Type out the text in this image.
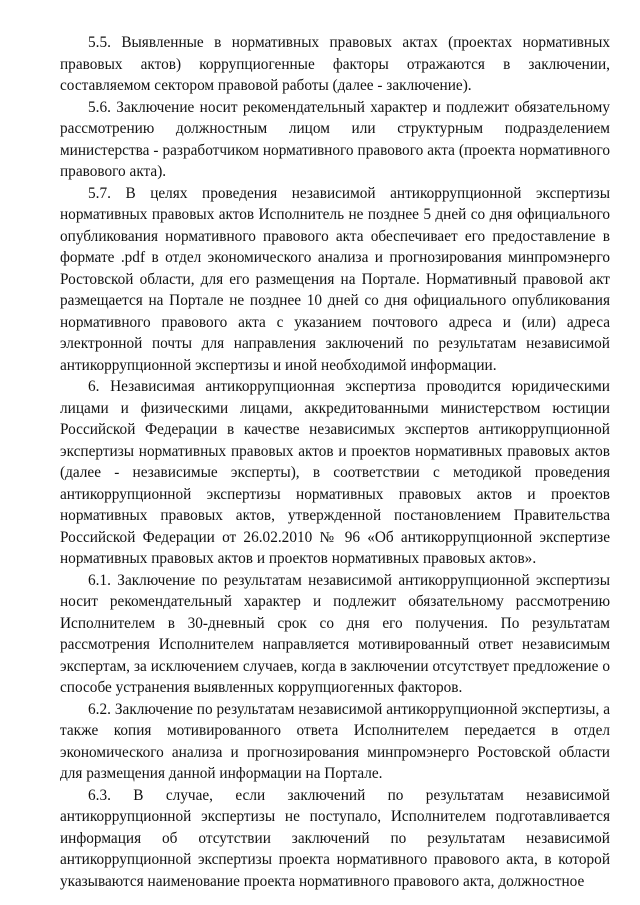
5.5. Выявленные в нормативных правовых актах (проектах нормативных правовых актов) коррупциогенные факторы отражаются в заключении, составляемом сектором правовой работы (далее - заключение).

5.6. Заключение носит рекомендательный характер и подлежит обязательному рассмотрению должностным лицом или структурным подразделением министерства - разработчиком нормативного правового акта (проекта нормативного правового акта).

5.7. В целях проведения независимой антикоррупционной экспертизы нормативных правовых актов Исполнитель не позднее 5 дней со дня официального опубликования нормативного правового акта обеспечивает его предоставление в формате .pdf в отдел экономического анализа и прогнозирования минпромэнерго Ростовской области, для его размещения на Портале. Нормативный правовой акт размещается на Портале не позднее 10 дней со дня официального опубликования нормативного правового акта с указанием почтового адреса и (или) адреса электронной почты для направления заключений по результатам независимой антикоррупционной экспертизы и иной необходимой информации.

6. Независимая антикоррупционная экспертиза проводится юридическими лицами и физическими лицами, аккредитованными министерством юстиции Российской Федерации в качестве независимых экспертов антикоррупционной экспертизы нормативных правовых актов и проектов нормативных правовых актов (далее - независимые эксперты), в соответствии с методикой проведения антикоррупционной экспертизы нормативных правовых актов и проектов нормативных правовых актов, утвержденной постановлением Правительства Российской Федерации от 26.02.2010 № 96 «Об антикоррупционной экспертизе нормативных правовых актов и проектов нормативных правовых актов».

6.1. Заключение по результатам независимой антикоррупционной экспертизы носит рекомендательный характер и подлежит обязательному рассмотрению Исполнителем в 30-дневный срок со дня его получения. По результатам рассмотрения Исполнителем направляется мотивированный ответ независимым экспертам, за исключением случаев, когда в заключении отсутствует предложение о способе устранения выявленных коррупциогенных факторов.

6.2. Заключение по результатам независимой антикоррупционной экспертизы, а также копия мотивированного ответа Исполнителем передается в отдел экономического анализа и прогнозирования минпромэнерго Ростовской области для размещения данной информации на Портале.

6.3. В случае, если заключений по результатам независимой антикоррупционной экспертизы не поступало, Исполнителем подготавливается информация об отсутствии заключений по результатам независимой антикоррупционной экспертизы проекта нормативного правового акта, в которой указываются наименование проекта нормативного правового акта, должностное
